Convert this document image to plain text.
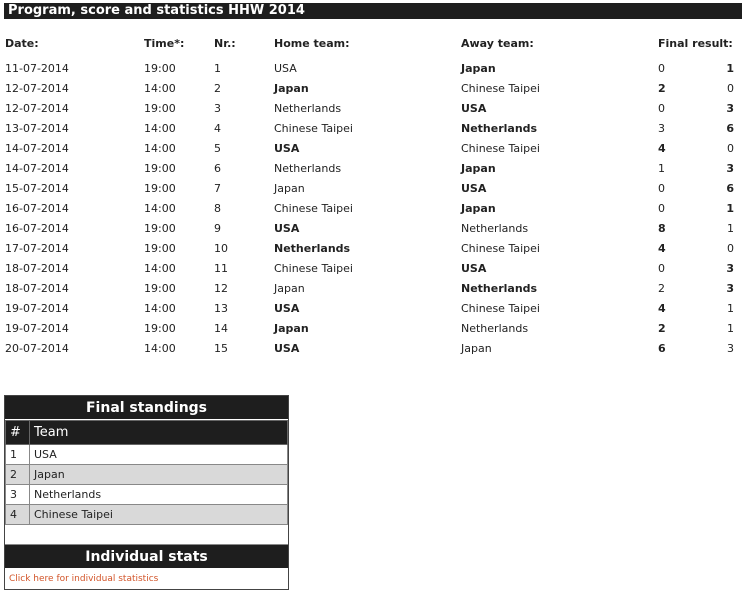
Program, score and statistics HHW 2014
Date:	Time*:	Nr.:	Home team:	Away team:	Final result:
11-07-2014	19:00	1	USA	Japan	0	1
12-07-2014	14:00	2	Japan	Chinese Taipei	2	0
12-07-2014	19:00	3	Netherlands	USA	0	3
13-07-2014	14:00	4	Chinese Taipei	Netherlands	3	6
14-07-2014	14:00	5	USA	Chinese Taipei	4	0
14-07-2014	19:00	6	Netherlands	Japan	1	3
15-07-2014	19:00	7	Japan	USA	0	6
16-07-2014	14:00	8	Chinese Taipei	Japan	0	1
16-07-2014	19:00	9	USA	Netherlands	8	1
17-07-2014	19:00	10	Netherlands	Chinese Taipei	4	0
18-07-2014	14:00	11	Chinese Taipei	USA	0	3
18-07-2014	19:00	12	Japan	Netherlands	2	3
19-07-2014	14:00	13	USA	Chinese Taipei	4	1
19-07-2014	19:00	14	Japan	Netherlands	2	1
20-07-2014	14:00	15	USA	Japan	6	3
Final standings
#	Team
1	USA
2	Japan
3	Netherlands
4	Chinese Taipei
Individual stats
Click here for individual statistics
